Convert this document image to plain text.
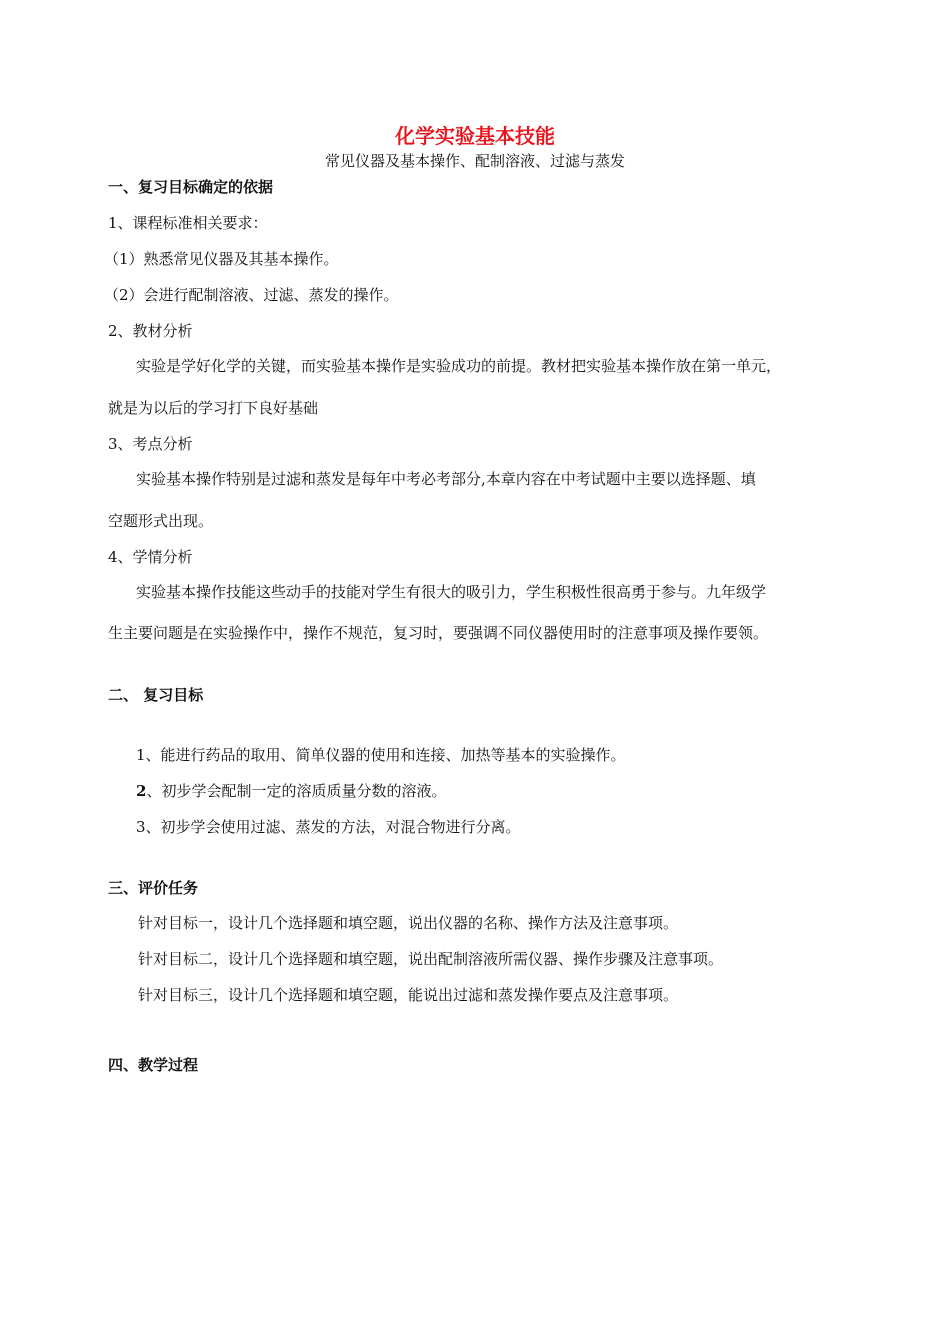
化学实验基本技能
常见仪器及基本操作、配制溶液、过滤与蒸发
一、复习目标确定的依据
1、课程标准相关要求：
（1）熟悉常见仪器及其基本操作。
（2）会进行配制溶液、过滤、蒸发的操作。
2、教材分析
实验是学好化学的关键，而实验基本操作是实验成功的前提。教材把实验基本操作放在第一单元，
就是为以后的学习打下良好基础
3、考点分析
实验基本操作特别是过滤和蒸发是每年中考必考部分,本章内容在中考试题中主要以选择题、填
空题形式出现。
4、学情分析
实验基本操作技能这些动手的技能对学生有很大的吸引力，学生积极性很高勇于参与。九年级学
生主要问题是在实验操作中，操作不规范，复习时，要强调不同仪器使用时的注意事项及操作要领。
二、 复习目标
1、能进行药品的取用、简单仪器的使用和连接、加热等基本的实验操作。
2、初步学会配制一定的溶质质量分数的溶液。
3、初步学会使用过滤、蒸发的方法，对混合物进行分离。
三、评价任务
针对目标一，设计几个选择题和填空题，说出仪器的名称、操作方法及注意事项。
针对目标二，设计几个选择题和填空题，说出配制溶液所需仪器、操作步骤及注意事项。
针对目标三，设计几个选择题和填空题，能说出过滤和蒸发操作要点及注意事项。
四、教学过程
